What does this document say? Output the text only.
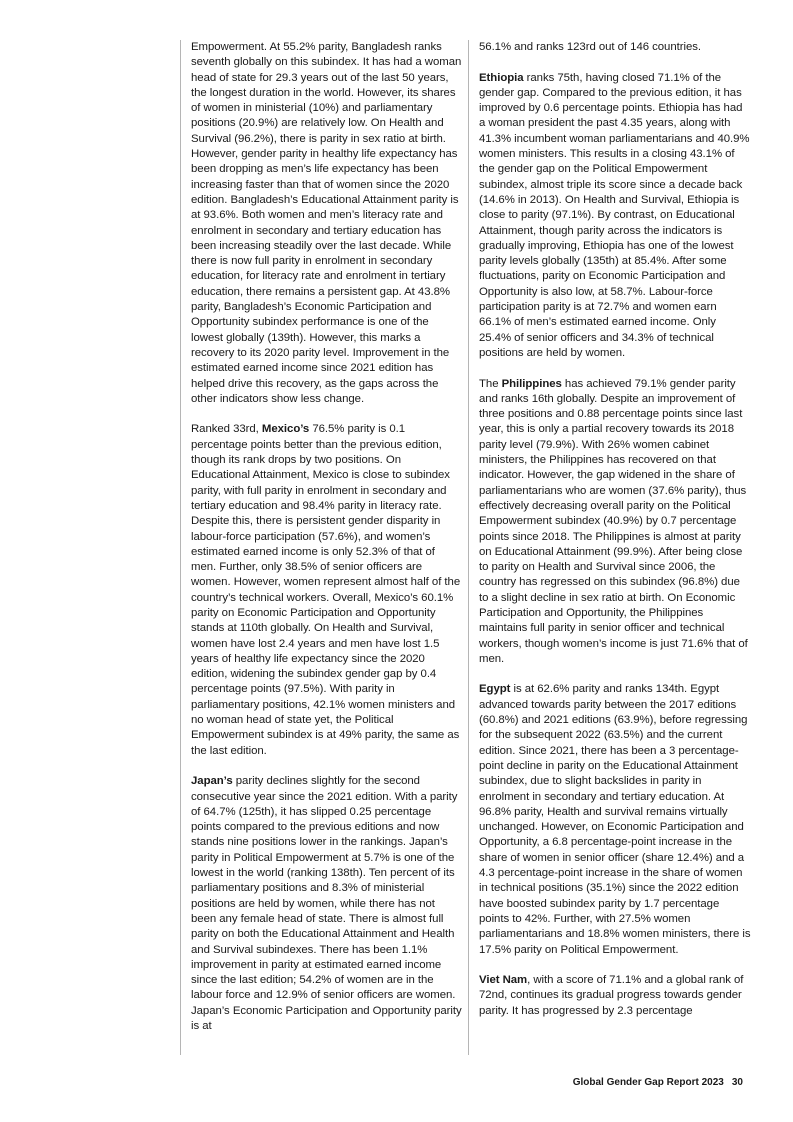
Empowerment. At 55.2% parity, Bangladesh ranks seventh globally on this subindex. It has had a woman head of state for 29.3 years out of the last 50 years, the longest duration in the world. However, its shares of women in ministerial (10%) and parliamentary positions (20.9%) are relatively low. On Health and Survival (96.2%), there is parity in sex ratio at birth. However, gender parity in healthy life expectancy has been dropping as men’s life expectancy has been increasing faster than that of women since the 2020 edition. Bangladesh’s Educational Attainment parity is at 93.6%. Both women and men’s literacy rate and enrolment in secondary and tertiary education has been increasing steadily over the last decade. While there is now full parity in enrolment in secondary education, for literacy rate and enrolment in tertiary education, there remains a persistent gap. At 43.8% parity, Bangladesh’s Economic Participation and Opportunity subindex performance is one of the lowest globally (139th). However, this marks a recovery to its 2020 parity level. Improvement in the estimated earned income since 2021 edition has helped drive this recovery, as the gaps across the other indicators show less change.

Ranked 33rd, Mexico’s 76.5% parity is 0.1 percentage points better than the previous edition, though its rank drops by two positions. On Educational Attainment, Mexico is close to subindex parity, with full parity in enrolment in secondary and tertiary education and 98.4% parity in literacy rate. Despite this, there is persistent gender disparity in labour-force participation (57.6%), and women’s estimated earned income is only 52.3% of that of men. Further, only 38.5% of senior officers are women. However, women represent almost half of the country’s technical workers. Overall, Mexico’s 60.1% parity on Economic Participation and Opportunity stands at 110th globally. On Health and Survival, women have lost 2.4 years and men have lost 1.5 years of healthy life expectancy since the 2020 edition, widening the subindex gender gap by 0.4 percentage points (97.5%). With parity in parliamentary positions, 42.1% women ministers and no woman head of state yet, the Political Empowerment subindex is at 49% parity, the same as the last edition.

Japan’s parity declines slightly for the second consecutive year since the 2021 edition. With a parity of 64.7% (125th), it has slipped 0.25 percentage points compared to the previous editions and now stands nine positions lower in the rankings. Japan’s parity in Political Empowerment at 5.7% is one of the lowest in the world (ranking 138th). Ten percent of its parliamentary positions and 8.3% of ministerial positions are held by women, while there has not been any female head of state. There is almost full parity on both the Educational Attainment and Health and Survival subindexes. There has been 1.1% improvement in parity at estimated earned income since the last edition; 54.2% of women are in the labour force and 12.9% of senior officers are women. Japan’s Economic Participation and Opportunity parity is at

56.1% and ranks 123rd out of 146 countries.

Ethiopia ranks 75th, having closed 71.1% of the gender gap. Compared to the previous edition, it has improved by 0.6 percentage points. Ethiopia has had a woman president the past 4.35 years, along with 41.3% incumbent woman parliamentarians and 40.9% women ministers. This results in a closing 43.1% of the gender gap on the Political Empowerment subindex, almost triple its score since a decade back (14.6% in 2013). On Health and Survival, Ethiopia is close to parity (97.1%). By contrast, on Educational Attainment, though parity across the indicators is gradually improving, Ethiopia has one of the lowest parity levels globally (135th) at 85.4%. After some fluctuations, parity on Economic Participation and Opportunity is also low, at 58.7%. Labour-force participation parity is at 72.7% and women earn 66.1% of men’s estimated earned income. Only 25.4% of senior officers and 34.3% of technical positions are held by women.

The Philippines has achieved 79.1% gender parity and ranks 16th globally. Despite an improvement of three positions and 0.88 percentage points since last year, this is only a partial recovery towards its 2018 parity level (79.9%). With 26% women cabinet ministers, the Philippines has recovered on that indicator. However, the gap widened in the share of parliamentarians who are women (37.6% parity), thus effectively decreasing overall parity on the Political Empowerment subindex (40.9%) by 0.7 percentage points since 2018. The Philippines is almost at parity on Educational Attainment (99.9%). After being close to parity on Health and Survival since 2006, the country has regressed on this subindex (96.8%) due to a slight decline in sex ratio at birth. On Economic Participation and Opportunity, the Philippines maintains full parity in senior officer and technical workers, though women’s income is just 71.6% that of men.

Egypt is at 62.6% parity and ranks 134th. Egypt advanced towards parity between the 2017 editions (60.8%) and 2021 editions (63.9%), before regressing for the subsequent 2022 (63.5%) and the current edition. Since 2021, there has been a 3 percentage-point decline in parity on the Educational Attainment subindex, due to slight backslides in parity in enrolment in secondary and tertiary education. At 96.8% parity, Health and survival remains virtually unchanged. However, on Economic Participation and Opportunity, a 6.8 percentage-point increase in the share of women in senior officer (share 12.4%) and a 4.3 percentage-point increase in the share of women in technical positions (35.1%) since the 2022 edition have boosted subindex parity by 1.7 percentage points to 42%. Further, with 27.5% women parliamentarians and 18.8% women ministers, there is 17.5% parity on Political Empowerment.

Viet Nam, with a score of 71.1% and a global rank of 72nd, continues its gradual progress towards gender parity. It has progressed by 2.3 percentage

Global Gender Gap Report 2023 30
